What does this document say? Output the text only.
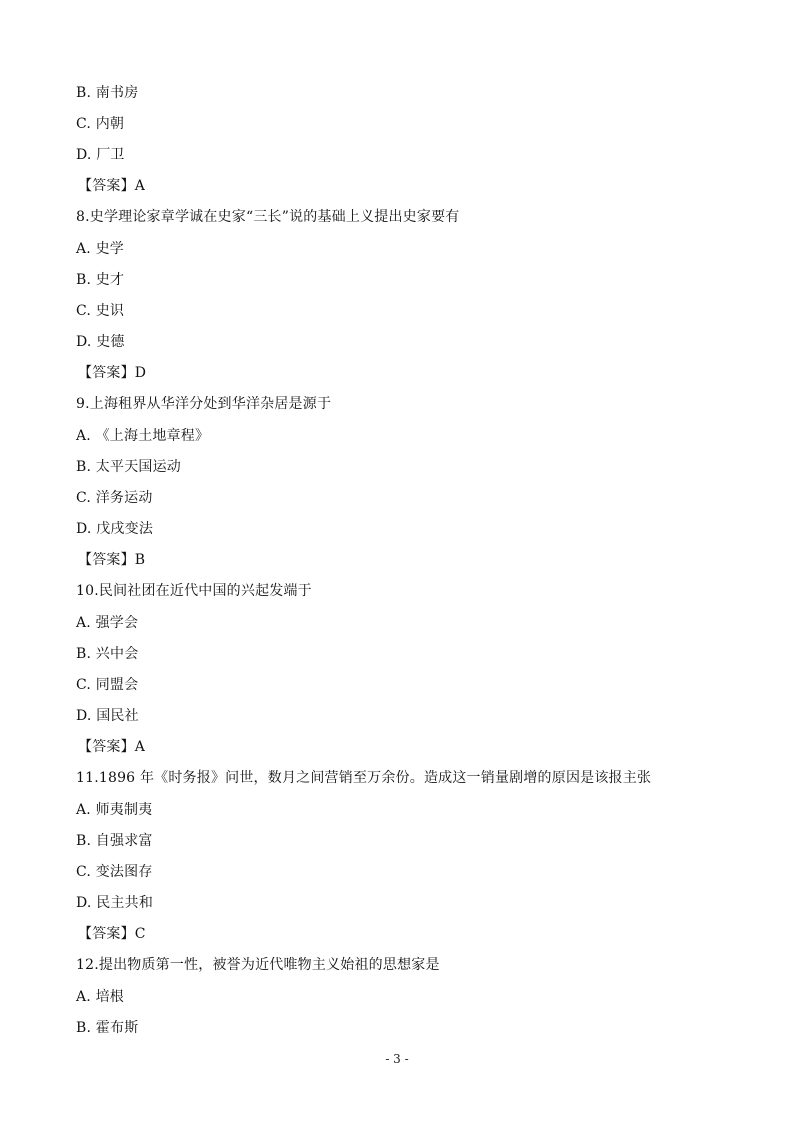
B. 南书房
C. 内朝
D. 厂卫
【答案】A
8.史学理论家章学诚在史家“三长”说的基础上义提出史家要有
A. 史学
B. 史才
C. 史识
D. 史德
【答案】D
9.上海租界从华洋分处到华洋杂居是源于
A. 《上海土地章程》
B. 太平天国运动
C. 洋务运动
D. 戊戌变法
【答案】B
10.民间社团在近代中国的兴起发端于
A. 强学会
B. 兴中会
C. 同盟会
D. 国民社
【答案】A
11.1896 年《时务报》问世，数月之间营销至万余份。造成这一销量剧增的原因是该报主张
A. 师夷制夷
B. 自强求富
C. 变法图存
D. 民主共和
【答案】C
12.提出物质第一性，被誉为近代唯物主义始祖的思想家是
A. 培根
B. 霍布斯
- 3 -
